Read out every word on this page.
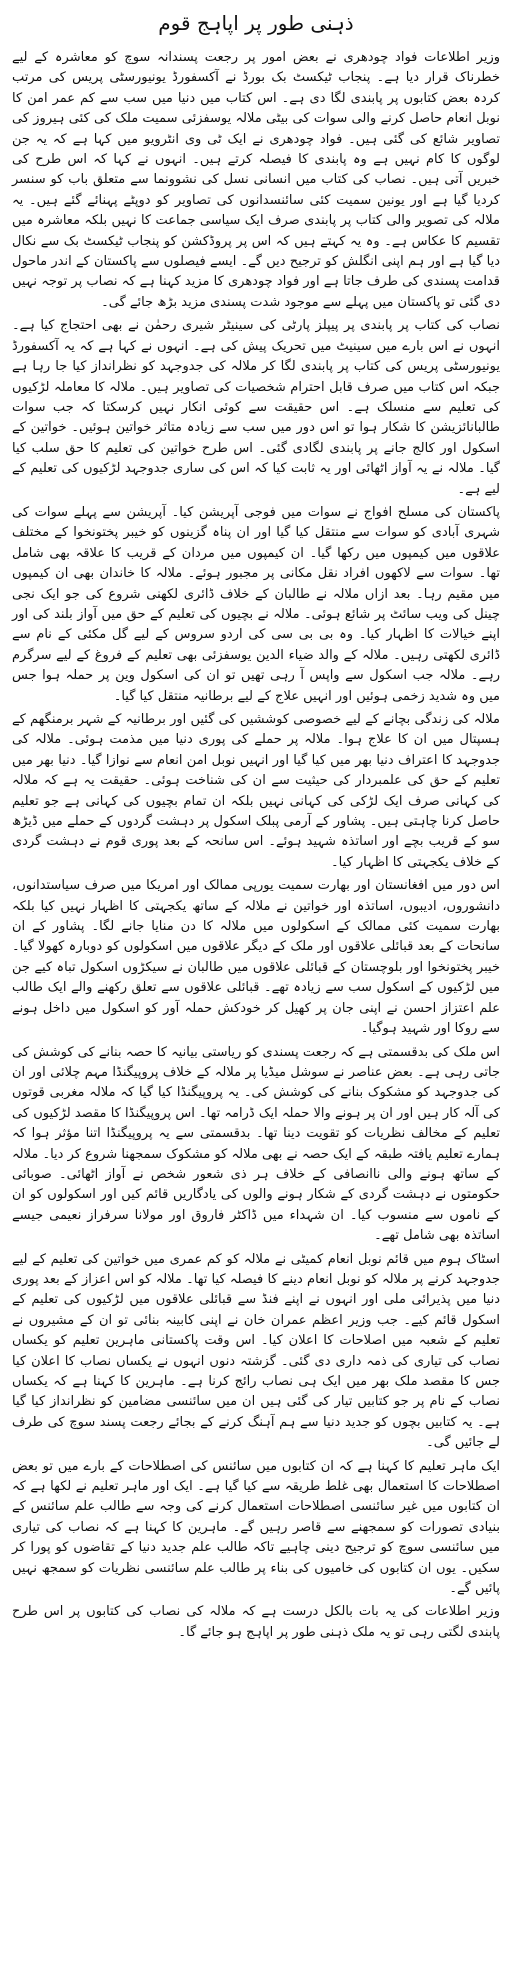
ذہنی طور پر اپاہج قوم

وزیر اطلاعات فواد چودھری نے بعض امور پر رجعت پسندانہ سوچ کو معاشرہ کے لیے خطرناک قرار دیا ہے۔ پنجاب ٹیکسٹ بک بورڈ نے آکسفورڈ یونیورسٹی پریس کی مرتب کردہ بعض کتابوں پر پابندی لگا دی ہے۔ اس کتاب میں دنیا میں سب سے کم عمر امن کا نوبل انعام حاصل کرنے والی سوات کی بیٹی ملالہ یوسفزئی سمیت ملک کی کئی ہیروز کی تصاویر شائع کی گئی ہیں۔ فواد چودھری نے ایک ٹی وی انٹرویو میں کہا ہے کہ یہ جن لوگوں کا کام نہیں ہے وہ پابندی کا فیصلہ کرتے ہیں۔ انہوں نے کہا کہ اس طرح کی خبریں آتی ہیں۔ نصاب کی کتاب میں انسانی نسل کی نشوونما سے متعلق باب کو سنسر کردیا گیا ہے اور یونین سمیت کئی سائنسدانوں کی تصاویر کو دوپٹے پہنائے گئے ہیں۔ یہ ملالہ کی تصویر والی کتاب پر پابندی صرف ایک سیاسی جماعت کا نہیں بلکہ معاشرہ میں تقسیم کا عکاس ہے۔ وہ یہ کہتے ہیں کہ اس پر پروڈکشن کو پنجاب ٹیکسٹ بک سے نکال دیا گیا ہے اور ہم اپنی انگلش کو ترجیح دیں گے۔ ایسے فیصلوں سے پاکستان کے اندر ماحول قدامت پسندی کی طرف جاتا ہے اور فواد چودھری کا مزید کہنا ہے کہ نصاب پر توجہ نہیں دی گئی تو پاکستان میں پہلے سے موجود شدت پسندی مزید بڑھ جائے گی۔

نصاب کی کتاب پر پابندی پر پیپلز پارٹی کی سینیٹر شیری رحمٰن نے بھی احتجاج کیا ہے۔ انہوں نے اس بارے میں سینیٹ میں تحریک پیش کی ہے۔ انہوں نے کہا ہے کہ یہ آکسفورڈ یونیورسٹی پریس کی کتاب پر پابندی لگا کر ملالہ کی جدوجہد کو نظرانداز کیا جا رہا ہے جبکہ اس کتاب میں صرف قابل احترام شخصیات کی تصاویر ہیں۔ ملالہ کا معاملہ لڑکیوں کی تعلیم سے منسلک ہے۔ اس حقیقت سے کوئی انکار نہیں کرسکتا کہ جب سوات طالبانائزیشن کا شکار ہوا تو اس دور میں سب سے زیادہ متاثر خواتین ہوئیں۔ خواتین کے اسکول اور کالج جانے پر پابندی لگادی گئی۔ اس طرح خواتین کی تعلیم کا حق سلب کیا گیا۔ ملالہ نے یہ آواز اٹھائی اور یہ ثابت کیا کہ اس کی ساری جدوجہد لڑکیوں کی تعلیم کے لیے ہے۔

پاکستان کی مسلح افواج نے سوات میں فوجی آپریشن کیا۔ آپریشن سے پہلے سوات کی شہری آبادی کو سوات سے منتقل کیا گیا اور ان پناہ گزینوں کو خیبر پختونخوا کے مختلف علاقوں میں کیمپوں میں رکھا گیا۔ ان کیمپوں میں مردان کے قریب کا علاقہ بھی شامل تھا۔ سوات سے لاکھوں افراد نقل مکانی پر مجبور ہوئے۔ ملالہ کا خاندان بھی ان کیمپوں میں مقیم رہا۔ بعد ازاں ملالہ نے طالبان کے خلاف ڈائری لکھنی شروع کی جو ایک نجی چینل کی ویب سائٹ پر شائع ہوئی۔ ملالہ نے بچیوں کی تعلیم کے حق میں آواز بلند کی اور اپنے خیالات کا اظہار کیا۔ وہ بی بی سی کی اردو سروس کے لیے گل مکئی کے نام سے ڈائری لکھتی رہیں۔ ملالہ کے والد ضیاء الدین یوسفزئی بھی تعلیم کے فروغ کے لیے سرگرم رہے۔ ملالہ جب اسکول سے واپس آ رہی تھیں تو ان کی اسکول وین پر حملہ ہوا جس میں وہ شدید زخمی ہوئیں اور انہیں علاج کے لیے برطانیہ منتقل کیا گیا۔

ملالہ کی زندگی بچانے کے لیے خصوصی کوششیں کی گئیں اور برطانیہ کے شہر برمنگھم کے ہسپتال میں ان کا علاج ہوا۔ ملالہ پر حملے کی پوری دنیا میں مذمت ہوئی۔ ملالہ کی جدوجہد کا اعتراف دنیا بھر میں کیا گیا اور انہیں نوبل امن انعام سے نوازا گیا۔ دنیا بھر میں تعلیم کے حق کی علمبردار کی حیثیت سے ان کی شناخت ہوئی۔ حقیقت یہ ہے کہ ملالہ کی کہانی صرف ایک لڑکی کی کہانی نہیں بلکہ ان تمام بچیوں کی کہانی ہے جو تعلیم حاصل کرنا چاہتی ہیں۔ پشاور کے آرمی پبلک اسکول پر دہشت گردوں کے حملے میں ڈیڑھ سو کے قریب بچے اور اساتذہ شہید ہوئے۔ اس سانحہ کے بعد پوری قوم نے دہشت گردی کے خلاف یکجہتی کا اظہار کیا۔

اس دور میں افغانستان اور بھارت سمیت یورپی ممالک اور امریکا میں صرف سیاستدانوں، دانشوروں، ادیبوں، اساتذہ اور خواتین نے ملالہ کے ساتھ یکجہتی کا اظہار نہیں کیا بلکہ بھارت سمیت کئی ممالک کے اسکولوں میں ملالہ کا دن منایا جانے لگا۔ پشاور کے ان سانحات کے بعد قبائلی علاقوں اور ملک کے دیگر علاقوں میں اسکولوں کو دوبارہ کھولا گیا۔ خیبر پختونخوا اور بلوچستان کے قبائلی علاقوں میں طالبان نے سیکڑوں اسکول تباہ کیے جن میں لڑکیوں کے اسکول سب سے زیادہ تھے۔ قبائلی علاقوں سے تعلق رکھنے والے ایک طالب علم اعتزاز احسن نے اپنی جان پر کھیل کر خودکش حملہ آور کو اسکول میں داخل ہونے سے روکا اور شہید ہوگیا۔

اس ملک کی بدقسمتی ہے کہ رجعت پسندی کو ریاستی بیانیہ کا حصہ بنانے کی کوشش کی جاتی رہی ہے۔ بعض عناصر نے سوشل میڈیا پر ملالہ کے خلاف پروپیگنڈا مہم چلائی اور ان کی جدوجہد کو مشکوک بنانے کی کوشش کی۔ یہ پروپیگنڈا کیا گیا کہ ملالہ مغربی قوتوں کی آلہ کار ہیں اور ان پر ہونے والا حملہ ایک ڈرامہ تھا۔ اس پروپیگنڈا کا مقصد لڑکیوں کی تعلیم کے مخالف نظریات کو تقویت دینا تھا۔ بدقسمتی سے یہ پروپیگنڈا اتنا مؤثر ہوا کہ ہمارے تعلیم یافتہ طبقہ کے ایک حصہ نے بھی ملالہ کو مشکوک سمجھنا شروع کر دیا۔ ملالہ کے ساتھ ہونے والی ناانصافی کے خلاف ہر ذی شعور شخص نے آواز اٹھائی۔ صوبائی حکومتوں نے دہشت گردی کے شکار ہونے والوں کی یادگاریں قائم کیں اور اسکولوں کو ان کے ناموں سے منسوب کیا۔ ان شہداء میں ڈاکٹر فاروق اور مولانا سرفراز نعیمی جیسے اساتذہ بھی شامل تھے۔

اسٹاک ہوم میں قائم نوبل انعام کمیٹی نے ملالہ کو کم عمری میں خواتین کی تعلیم کے لیے جدوجہد کرنے پر ملالہ کو نوبل انعام دینے کا فیصلہ کیا تھا۔ ملالہ کو اس اعزاز کے بعد پوری دنیا میں پذیرائی ملی اور انہوں نے اپنے فنڈ سے قبائلی علاقوں میں لڑکیوں کی تعلیم کے اسکول قائم کیے۔ جب وزیر اعظم عمران خان نے اپنی کابینہ بنائی تو ان کے مشیروں نے تعلیم کے شعبہ میں اصلاحات کا اعلان کیا۔ اس وقت پاکستانی ماہرین تعلیم کو یکساں نصاب کی تیاری کی ذمہ داری دی گئی۔ گزشتہ دنوں انہوں نے یکساں نصاب کا اعلان کیا جس کا مقصد ملک بھر میں ایک ہی نصاب رائج کرنا ہے۔ ماہرین کا کہنا ہے کہ یکساں نصاب کے نام پر جو کتابیں تیار کی گئی ہیں ان میں سائنسی مضامین کو نظرانداز کیا گیا ہے۔ یہ کتابیں بچوں کو جدید دنیا سے ہم آہنگ کرنے کے بجائے رجعت پسند سوچ کی طرف لے جائیں گی۔

ایک ماہر تعلیم کا کہنا ہے کہ ان کتابوں میں سائنس کی اصطلاحات کے بارے میں تو بعض اصطلاحات کا استعمال بھی غلط طریقہ سے کیا گیا ہے۔ ایک اور ماہر تعلیم نے لکھا ہے کہ ان کتابوں میں غیر سائنسی اصطلاحات استعمال کرنے کی وجہ سے طالب علم سائنس کے بنیادی تصورات کو سمجھنے سے قاصر رہیں گے۔ ماہرین کا کہنا ہے کہ نصاب کی تیاری میں سائنسی سوچ کو ترجیح دینی چاہیے تاکہ طالب علم جدید دنیا کے تقاضوں کو پورا کر سکیں۔ یوں ان کتابوں کی خامیوں کی بناء پر طالب علم سائنسی نظریات کو سمجھ نہیں پائیں گے۔

وزیر اطلاعات کی یہ بات بالکل درست ہے کہ ملالہ کی نصاب کی کتابوں پر اس طرح پابندی لگتی رہی تو یہ ملک ذہنی طور پر اپاہج ہو جائے گا۔
